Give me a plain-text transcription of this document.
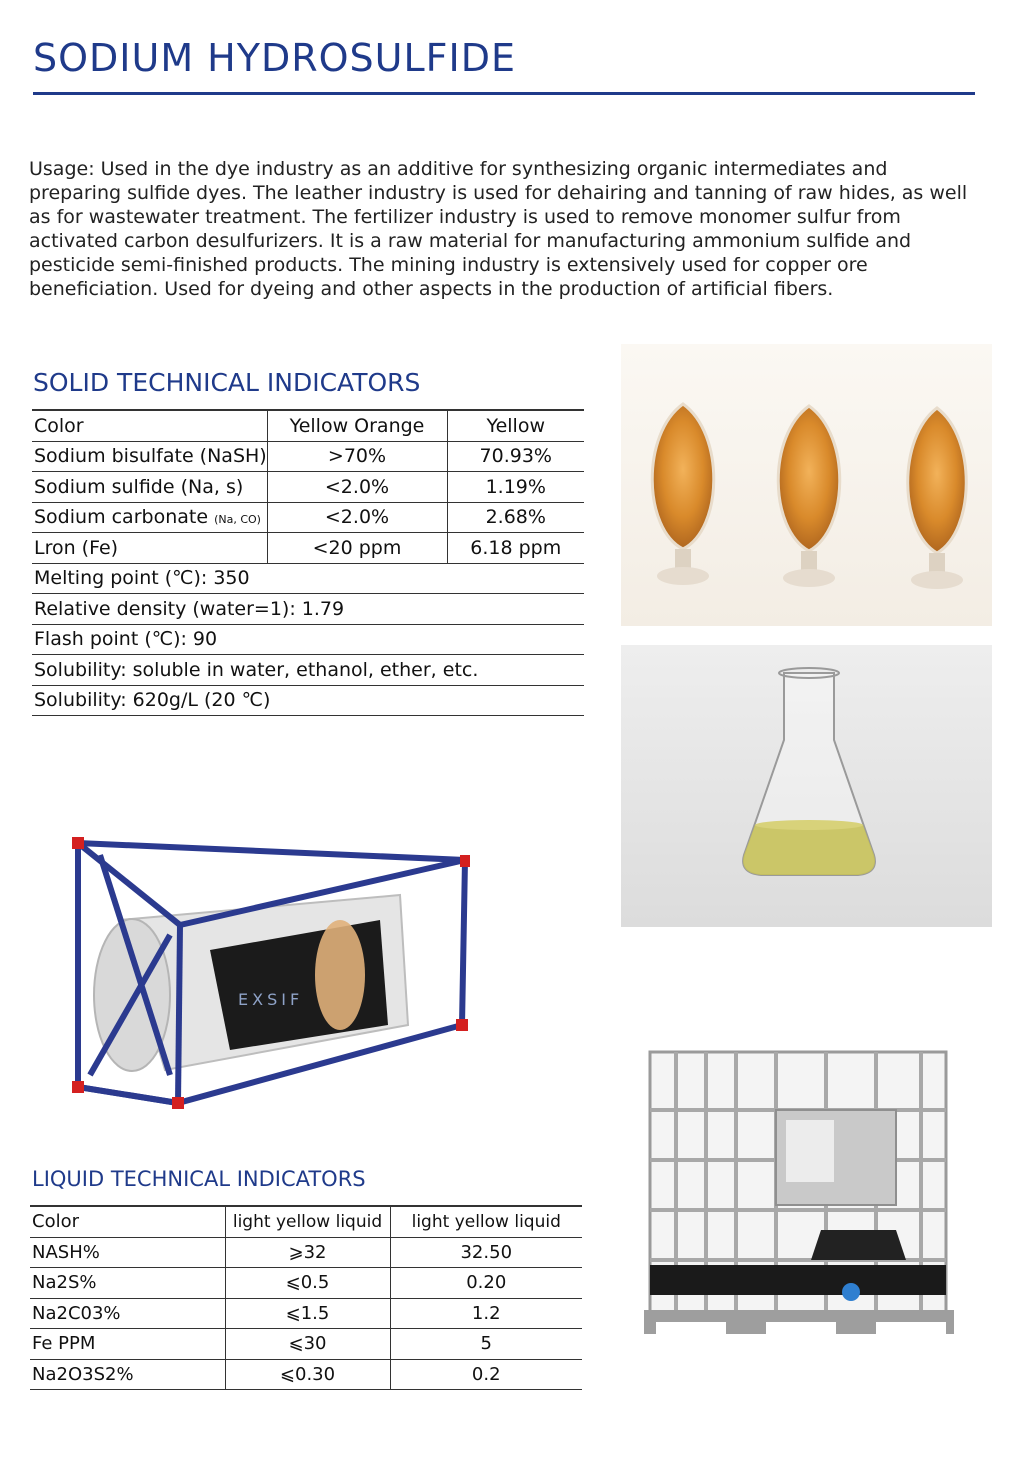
SODIUM HYDROSULFIDE

Usage: Used in the dye industry as an additive for synthesizing organic intermediates and preparing sulfide dyes. The leather industry is used for dehairing and tanning of raw hides, as well as for wastewater treatment. The fertilizer industry is used to remove monomer sulfur from activated carbon desulfurizers. It is a raw material for manufacturing ammonium sulfide and pesticide semi-finished products. The mining industry is extensively used for copper ore beneficiation. Used for dyeing and other aspects in the production of artificial fibers.

SOLID TECHNICAL INDICATORS
Color	Yellow Orange	Yellow
Sodium bisulfate (NaSH)	>70%	70.93%
Sodium sulfide (Na, s)	<2.0%	1.19%
Sodium carbonate (Na, CO)	<2.0%	2.68%
Lron (Fe)	<20 ppm	6.18 ppm
Melting point (℃): 350		
Relative density (water=1): 1.79		
Flash point (℃): 90		
Solubility: soluble in water, ethanol, ether, etc.		
Solubility: 620g/L (20 ℃)		
EXSIF
LIQUID TECHNICAL INDICATORS
Color	light yellow liquid	light yellow liquid
NASH%	⩾32	32.50
Na2S%	⩽0.5	0.20
Na2C03%	⩽1.5	1.2
Fe PPM	⩽30	5
Na2O3S2%	⩽0.30	0.2
